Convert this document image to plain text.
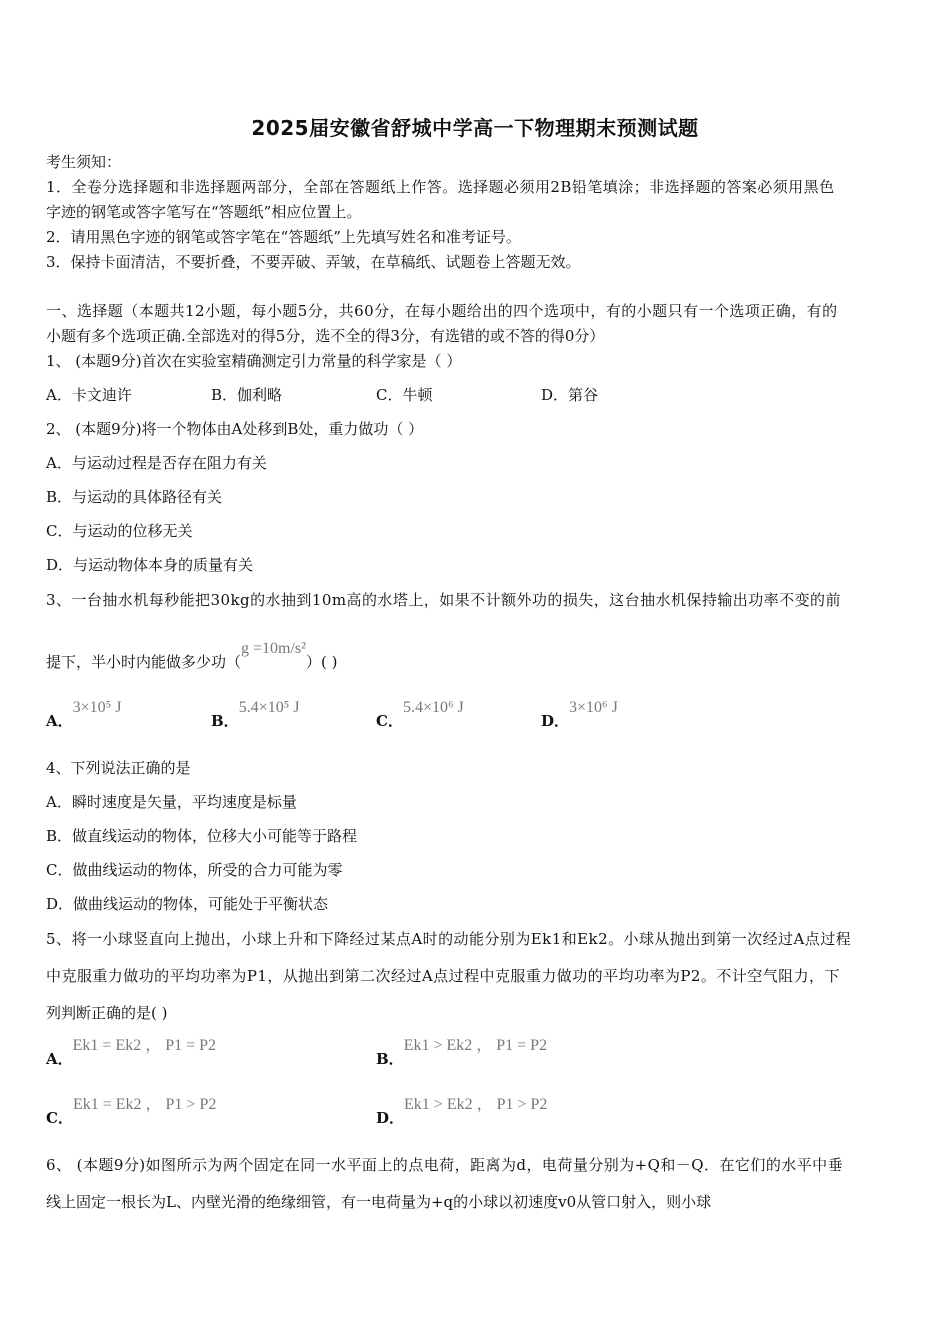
2025届安徽省舒城中学高一下物理期末预测试题
考生须知：
1．全卷分选择题和非选择题两部分，全部在答题纸上作答。选择题必须用2B铅笔填涂；非选择题的答案必须用黑色
字迹的钢笔或答字笔写在“答题纸”相应位置上。
2．请用黑色字迹的钢笔或答字笔在“答题纸”上先填写姓名和准考证号。
3．保持卡面清洁，不要折叠，不要弄破、弄皱，在草稿纸、试题卷上答题无效。
一、选择题（本题共12小题，每小题5分，共60分，在每小题给出的四个选项中，有的小题只有一个选项正确，有的
小题有多个选项正确.全部选对的得5分，选不全的得3分，有选错的或不答的得0分）
1、 (本题9分)首次在实验室精确测定引力常量的科学家是（ ）
A．卡文迪许	B．伽利略	C．牛顿	D．第谷
2、 (本题9分)将一个物体由A处移到B处，重力做功（ ）
A．与运动过程是否存在阻力有关
B．与运动的具体路径有关
C．与运动的位移无关
D．与运动物体本身的质量有关
3、一台抽水机每秒能把30kg的水抽到10m高的水塔上，如果不计额外功的损失，这台抽水机保持输出功率不变的前
提下，半小时内能做多少功（g =10m/s²）( )
A．3×10⁵ J
B．5.4×10⁵ J
C．5.4×10⁶ J
D．3×10⁶ J
4、下列说法正确的是
A．瞬时速度是矢量，平均速度是标量
B．做直线运动的物体，位移大小可能等于路程
C．做曲线运动的物体，所受的合力可能为零
D．做曲线运动的物体，可能处于平衡状态
5、将一小球竖直向上抛出，小球上升和下降经过某点A时的动能分别为Ek1和Ek2。小球从抛出到第一次经过A点过程
中克服重力做功的平均功率为P1，从抛出到第二次经过A点过程中克服重力做功的平均功率为P2。不计空气阻力，下
列判断正确的是( )
A．Ek1 = Ek2 ， P1 = P2
B．Ek1 > Ek2 ， P1 = P2
C．Ek1 = Ek2 ， P1 > P2
D．Ek1 > Ek2 ， P1 > P2
6、 (本题9分)如图所示为两个固定在同一水平面上的点电荷，距离为d，电荷量分别为+Q和－Q．在它们的水平中垂
线上固定一根长为L、内壁光滑的绝缘细管，有一电荷量为+q的小球以初速度v0从管口射入，则小球
